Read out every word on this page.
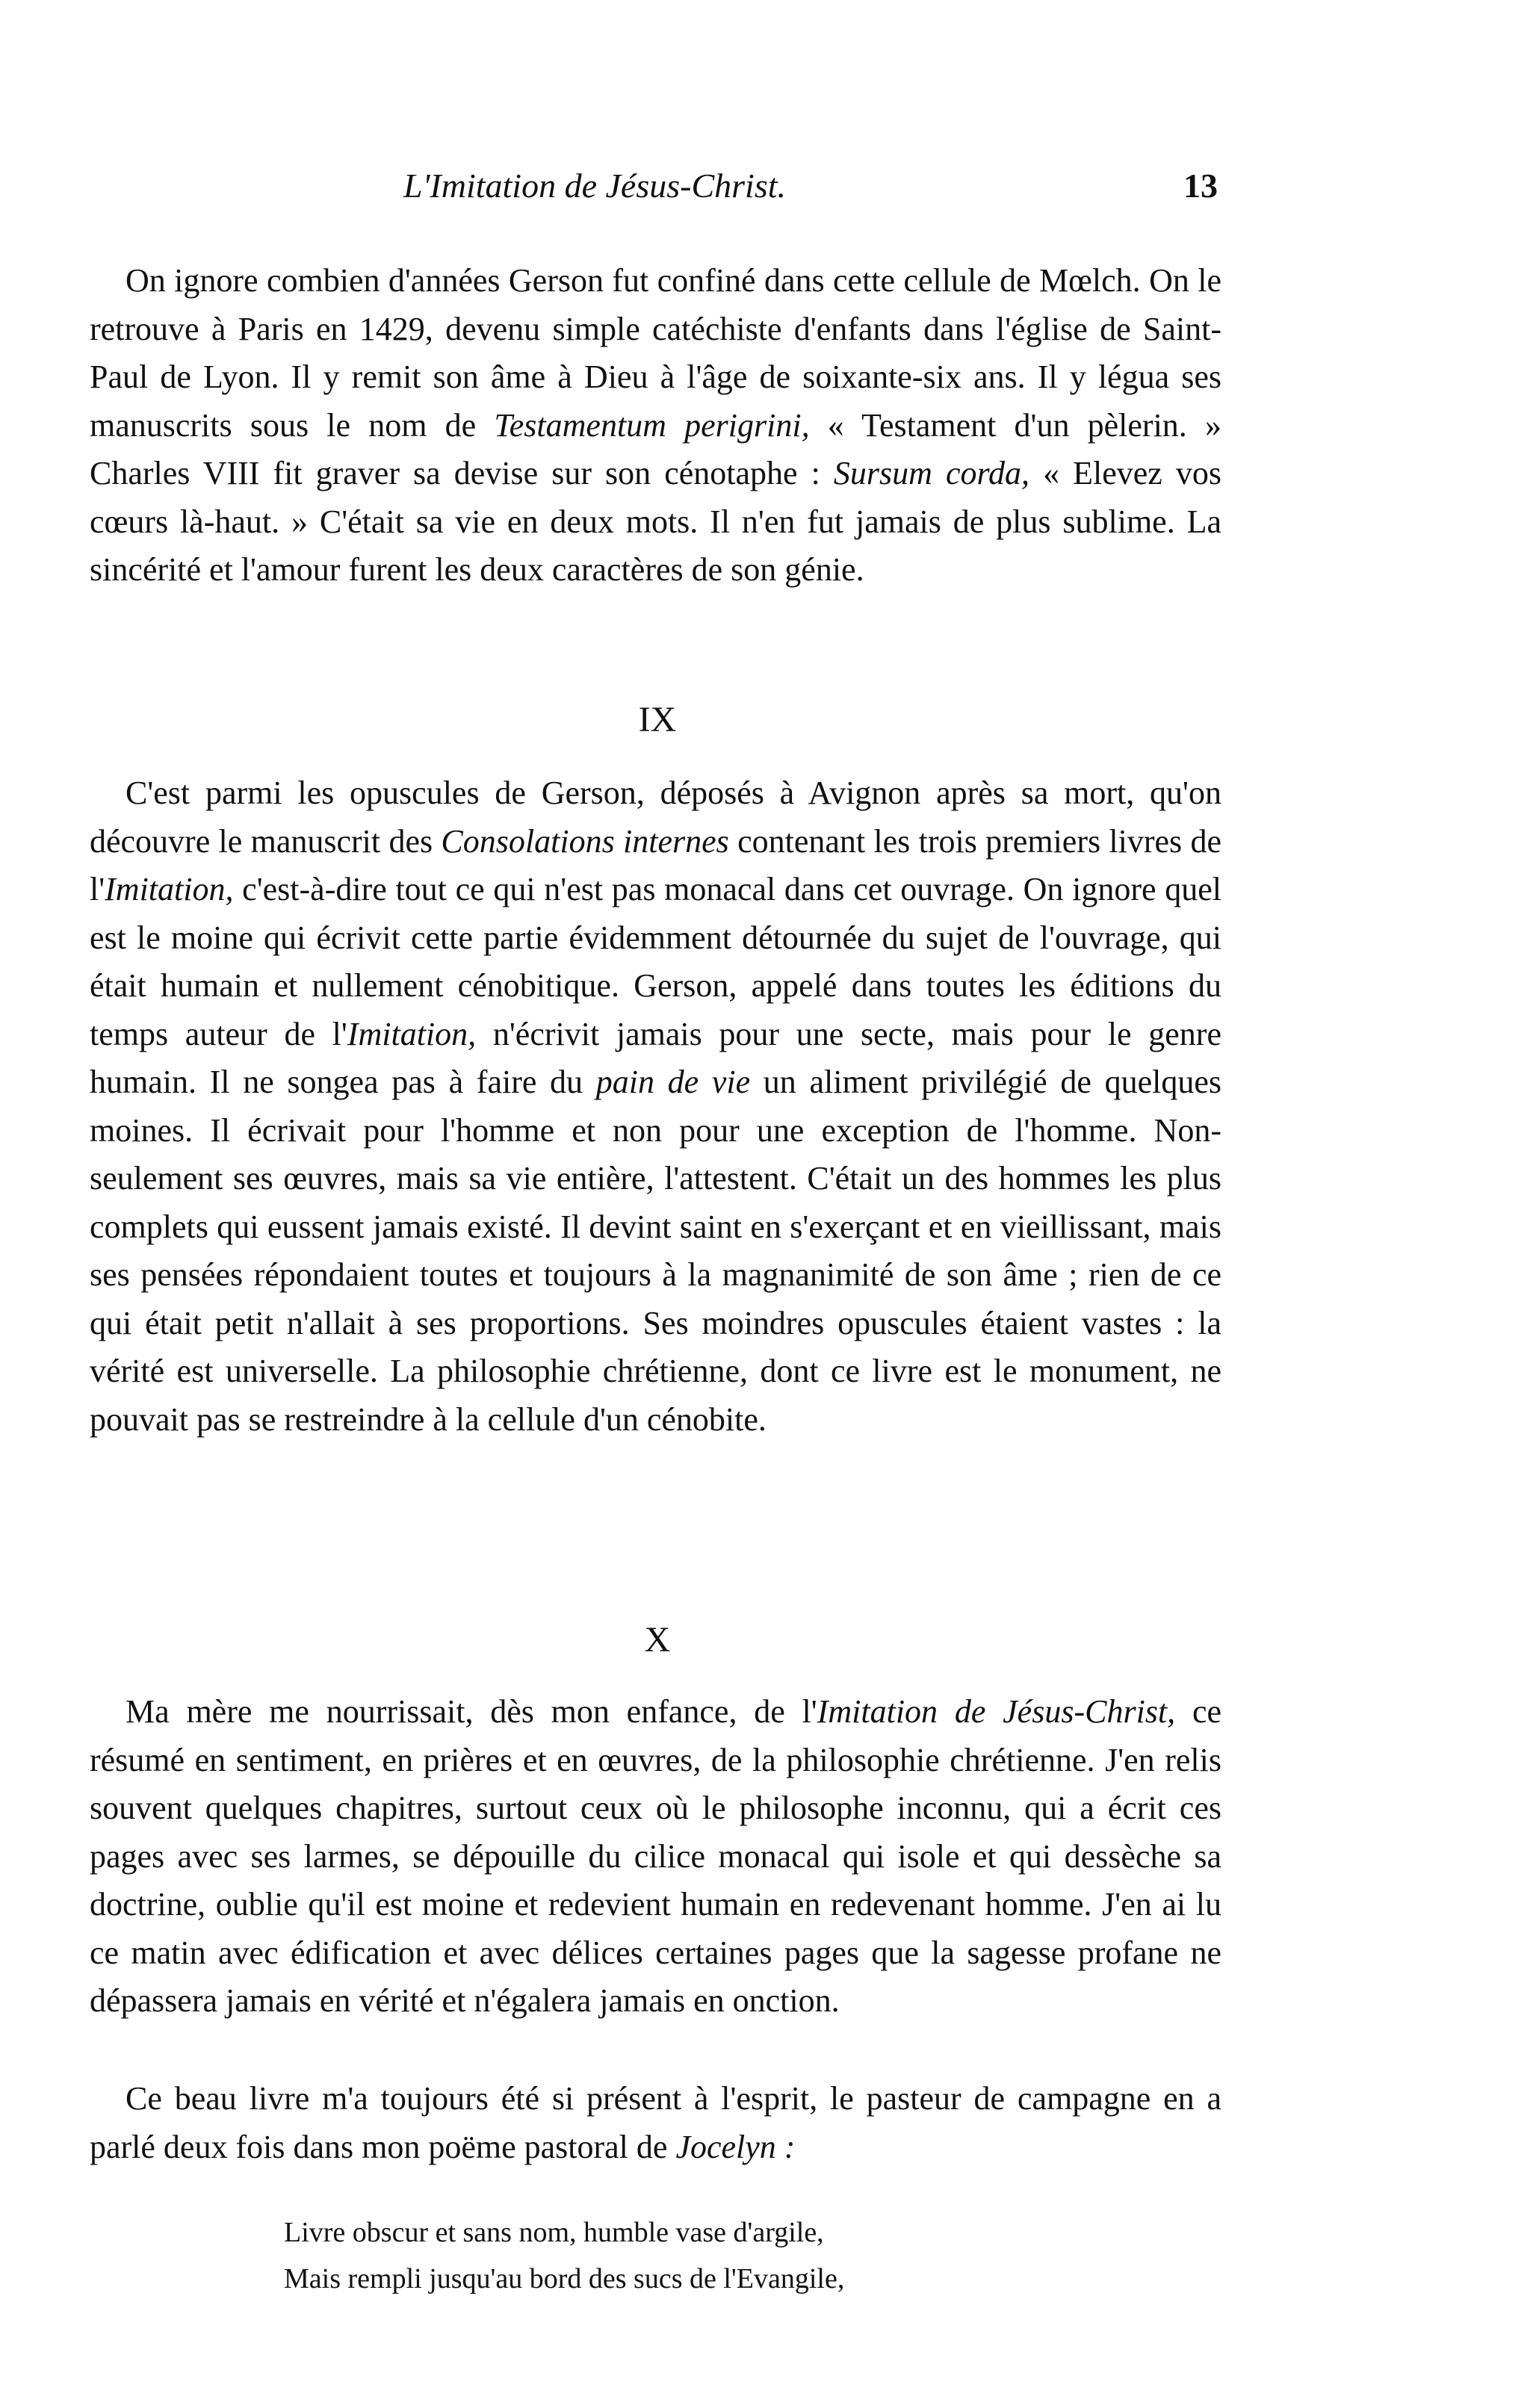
L'Imitation de Jésus-Christ.	13

On ignore combien d'années Gerson fut confiné dans cette cellule de Mœlch. On le retrouve à Paris en 1429, devenu simple catéchiste d'enfants dans l'église de Saint-Paul de Lyon. Il y remit son âme à Dieu à l'âge de soixante-six ans. Il y légua ses manuscrits sous le nom de Testamentum perigrini, « Testament d'un pèlerin. » Charles VIII fit graver sa devise sur son cénotaphe : Sursum corda, « Elevez vos cœurs là-haut. » C'était sa vie en deux mots. Il n'en fut jamais de plus sublime. La sincérité et l'amour furent les deux caractères de son génie.

IX

C'est parmi les opuscules de Gerson, déposés à Avignon après sa mort, qu'on découvre le manuscrit des Consolations internes contenant les trois premiers livres de l'Imitation, c'est-à-dire tout ce qui n'est pas monacal dans cet ouvrage. On ignore quel est le moine qui écrivit cette partie évidemment détournée du sujet de l'ouvrage, qui était humain et nullement cénobitique. Gerson, appelé dans toutes les éditions du temps auteur de l'Imitation, n'écrivit jamais pour une secte, mais pour le genre humain. Il ne songea pas à faire du pain de vie un aliment privilégié de quelques moines. Il écrivait pour l'homme et non pour une exception de l'homme. Non-seulement ses œuvres, mais sa vie entière, l'attestent. C'était un des hommes les plus complets qui eussent jamais existé. Il devint saint en s'exerçant et en vieillissant, mais ses pensées répondaient toutes et toujours à la magnanimité de son âme ; rien de ce qui était petit n'allait à ses proportions. Ses moindres opuscules étaient vastes : la vérité est universelle. La philosophie chrétienne, dont ce livre est le monument, ne pouvait pas se restreindre à la cellule d'un cénobite.

X

Ma mère me nourrissait, dès mon enfance, de l'Imitation de Jésus-Christ, ce résumé en sentiment, en prières et en œuvres, de la philosophie chrétienne. J'en relis souvent quelques chapitres, surtout ceux où le philosophe inconnu, qui a écrit ces pages avec ses larmes, se dépouille du cilice monacal qui isole et qui dessèche sa doctrine, oublie qu'il est moine et redevient humain en redevenant homme. J'en ai lu ce matin avec édification et avec délices certaines pages que la sagesse profane ne dépassera jamais en vérité et n'égalera jamais en onction.

Ce beau livre m'a toujours été si présent à l'esprit, le pasteur de campagne en a parlé deux fois dans mon poëme pastoral de Jocelyn :

Livre obscur et sans nom, humble vase d'argile,
Mais rempli jusqu'au bord des sucs de l'Evangile,
